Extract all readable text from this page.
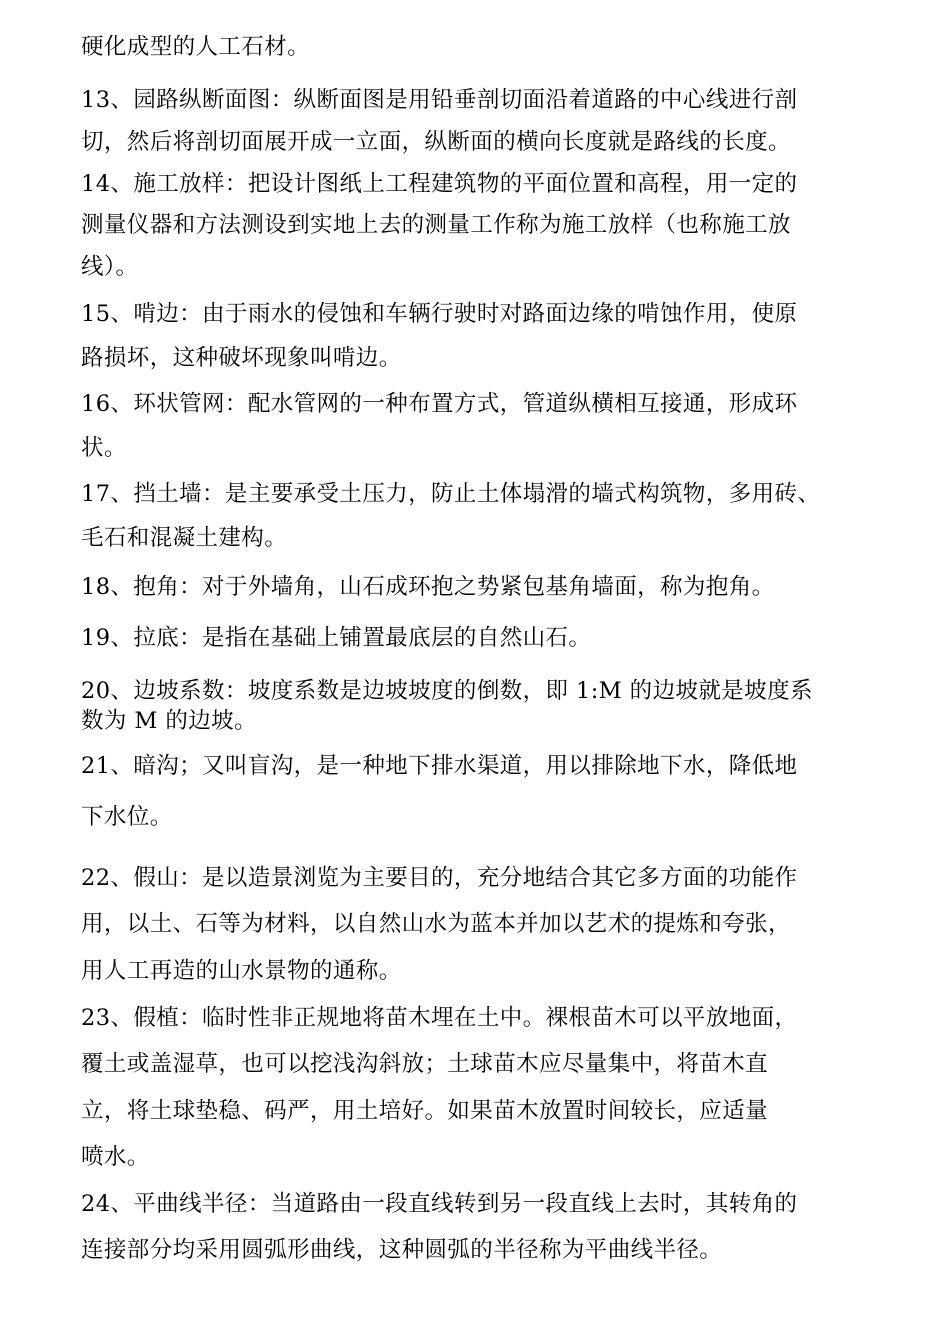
硬化成型的人工石材。
13、园路纵断面图：纵断面图是用铅垂剖切面沿着道路的中心线进行剖
切，然后将剖切面展开成一立面，纵断面的横向长度就是路线的长度。
14、施工放样：把设计图纸上工程建筑物的平面位置和高程，用一定的
测量仪器和方法测设到实地上去的测量工作称为施工放样（也称施工放
线）。
15、啃边：由于雨水的侵蚀和车辆行驶时对路面边缘的啃蚀作用，使原
路损坏，这种破坏现象叫啃边。
16、环状管网：配水管网的一种布置方式，管道纵横相互接通，形成环
状。
17、挡土墙：是主要承受土压力，防止土体塌滑的墙式构筑物，多用砖、
毛石和混凝土建构。
18、抱角：对于外墙角，山石成环抱之势紧包基角墙面，称为抱角。
19、拉底：是指在基础上铺置最底层的自然山石。
20、边坡系数：坡度系数是边坡坡度的倒数，即 1:M 的边坡就是坡度系
数为 M 的边坡。
21、暗沟；又叫盲沟，是一种地下排水渠道，用以排除地下水，降低地
下水位。
22、假山：是以造景浏览为主要目的，充分地结合其它多方面的功能作
用，以土、石等为材料，以自然山水为蓝本并加以艺术的提炼和夸张，
用人工再造的山水景物的通称。
23、假植：临时性非正规地将苗木埋在土中。裸根苗木可以平放地面，
覆土或盖湿草，也可以挖浅沟斜放；土球苗木应尽量集中，将苗木直
立，将土球垫稳、码严，用土培好。如果苗木放置时间较长，应适量
喷水。
24、平曲线半径：当道路由一段直线转到另一段直线上去时，其转角的
连接部分均采用圆弧形曲线，这种圆弧的半径称为平曲线半径。
